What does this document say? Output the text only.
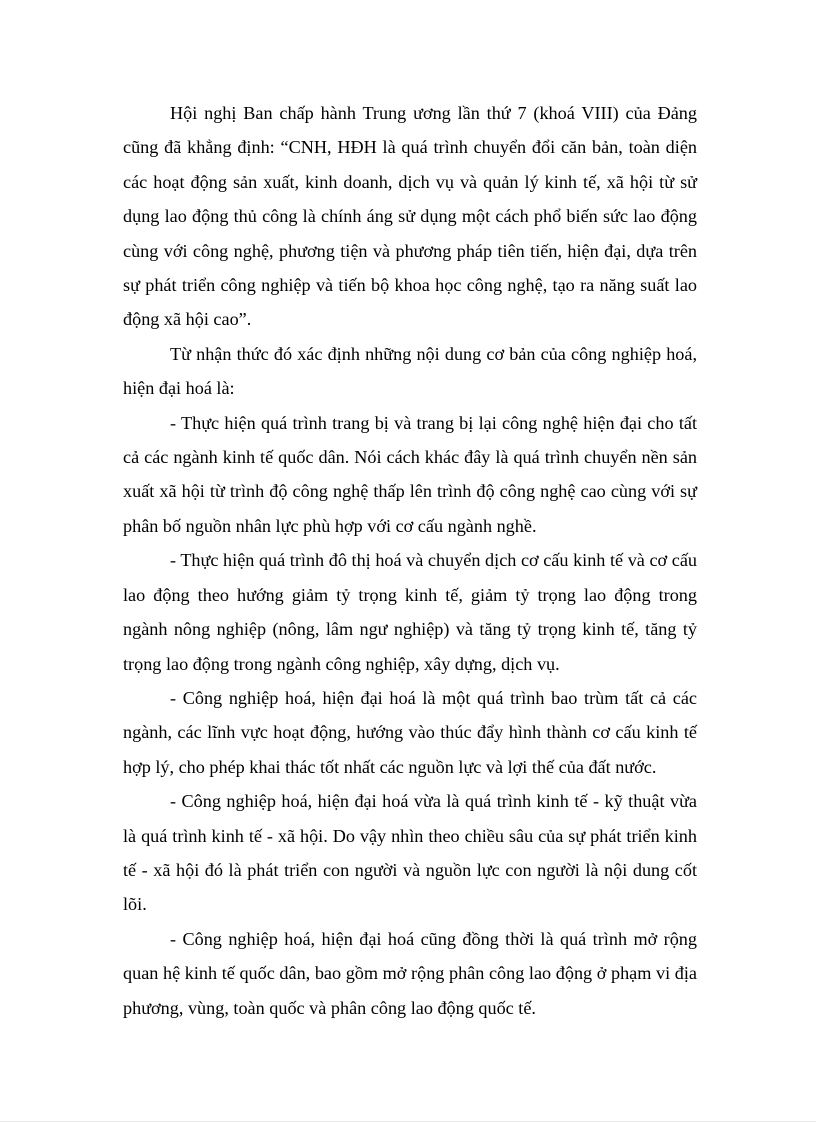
Hội nghị Ban chấp hành Trung ương lần thứ 7 (khoá VIII) của Đảng cũng đã khẳng định: “CNH, HĐH là quá trình chuyển đổi căn bản, toàn diện các hoạt động sản xuất, kinh doanh, dịch vụ và quản lý kinh tế, xã hội từ sử dụng lao động thủ công là chính áng sử dụng một cách phổ biến sức lao động cùng với công nghệ, phương tiện và phương pháp tiên tiến, hiện đại, dựa trên sự phát triển công nghiệp và tiến bộ khoa học công nghệ, tạo ra năng suất lao động xã hội cao”.

Từ nhận thức đó xác định những nội dung cơ bản của công nghiệp hoá, hiện đại hoá là:

- Thực hiện quá trình trang bị và trang bị lại công nghệ hiện đại cho tất cả các ngành kinh tế quốc dân. Nói cách khác đây là quá trình chuyển nền sản xuất xã hội từ trình độ công nghệ thấp lên trình độ công nghệ cao cùng với sự phân bố nguồn nhân lực phù hợp với cơ cấu ngành nghề.

- Thực hiện quá trình đô thị hoá và chuyển dịch cơ cấu kinh tế và cơ cấu lao động theo hướng giảm tỷ trọng kinh tế, giảm tỷ trọng lao động trong ngành nông nghiệp (nông, lâm ngư nghiệp) và tăng tỷ trọng kinh tế, tăng tỷ trọng lao động trong ngành công nghiệp, xây dựng, dịch vụ.

- Công nghiệp hoá, hiện đại hoá là một quá trình bao trùm tất cả các ngành, các lĩnh vực hoạt động, hướng vào thúc đẩy hình thành cơ cấu kinh tế hợp lý, cho phép khai thác tốt nhất các nguồn lực và lợi thế của đất nước.

- Công nghiệp hoá, hiện đại hoá vừa là quá trình kinh tế - kỹ thuật vừa là quá trình kinh tế - xã hội. Do vậy nhìn theo chiều sâu của sự phát triển kinh tế - xã hội đó là phát triển con người và nguồn lực con người là nội dung cốt lõi.

- Công nghiệp hoá, hiện đại hoá cũng đồng thời là quá trình mở rộng quan hệ kinh tế quốc dân, bao gồm mở rộng phân công lao động ở phạm vi địa phương, vùng, toàn quốc và phân công lao động quốc tế.
